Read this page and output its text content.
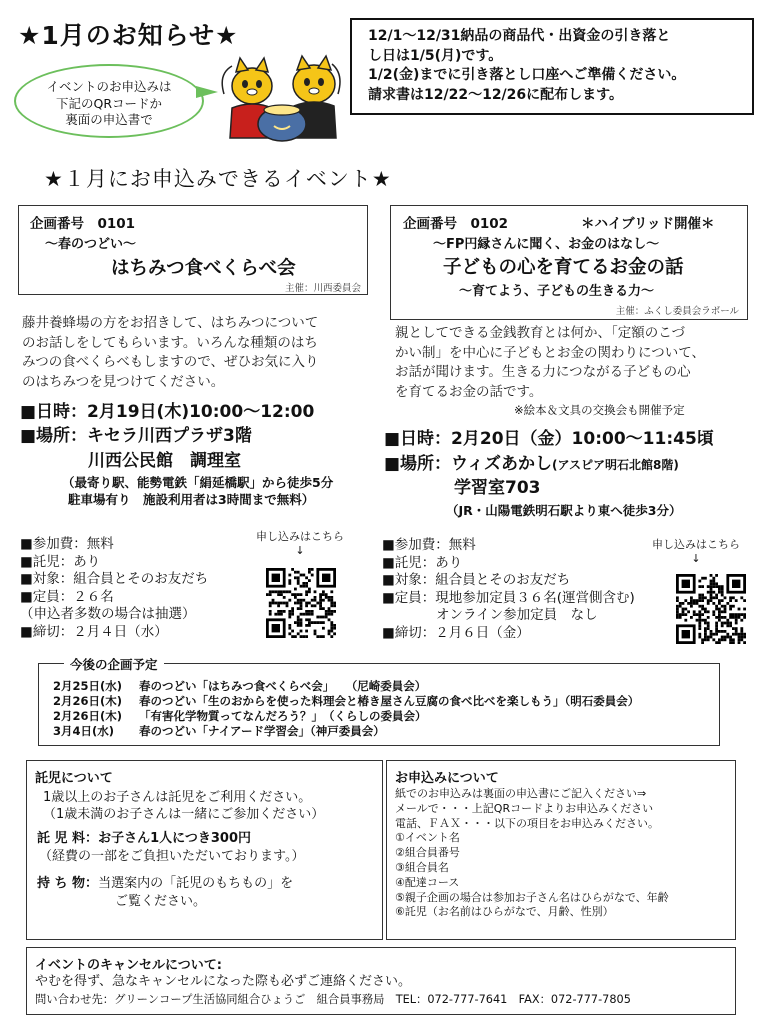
★1月のお知らせ★	12/1～12/31納品の商品代・出資金の引き落と
し日は1/5(月)です。
1/2(金)までに引き落とし口座へご準備ください。
請求書は12/22～12/26に配布します。
イベントのお申込みは
下記のQRコードか
裏面の申込書で
★１月にお申込みできるイベント★
企画番号　0101
～春のつどい～
はちみつ食べくらべ会
主催：川西委員会
藤井養蜂場の方をお招きして、はちみつについて
のお話しをしてもらいます。いろんな種類のはち
みつの食べくらべもしますので、ぜひお気に入り
のはちみつを見つけてください。
■日時：2月19日(木)10:00～12:00
■場所：キセラ川西プラザ3階
川西公民館　調理室
（最寄り駅、能勢電鉄「絹延橋駅」から徒歩5分
駐車場有り　施設利用者は3時間まで無料）
■参加費：無料
■託児：あり
■対象：組合員とそのお友だち
■定員：２６名
（申込者多数の場合は抽選）
■締切：２月４日（水）
申し込みはこちら
↓
企画番号　0102	＊ハイブリッド開催＊
～FP円縁さんに聞く、お金のはなし～
子どもの心を育てるお金の話
～育てよう、子どもの生きる力～
主催：ふくし委員会ラボール
親としてできる金銭教育とは何か、「定額のこづ
かい制」を中心に子どもとお金の関わりについて、
お話が聞けます。生きる力につながる子どもの心
を育てるお金の話です。
※絵本＆文具の交換会も開催予定
■日時：2月20日（金）10:00～11:45頃
■場所：ウィズあかし(アスピア明石北館8階)
学習室703
（JR・山陽電鉄明石駅より東へ徒歩3分）
■参加費：無料
■託児：あり
■対象：組合員とそのお友だち
■定員：現地参加定員３６名(運営側含む)
　　　　オンライン参加定員　なし
■締切：２月６日（金）
申し込みはこちら
↓
2月25日(水) 春のつどい「はちみつ食べくらべ会」　　（尼崎委員会）
2月26日(木) 春のつどい「生のおからを使った料理会と椿き屋さん豆腐の食べ比べを楽しもう」（明石委員会）
2月26日(木) 「有害化学物質ってなんだろう？」　（くらしの委員会）
3月4日(水) 春のつどい「ナイアード学習会」（神戸委員会）
今後の企画予定
託児について
1歳以上のお子さんは託児をご利用ください。
（1歳未満のお子さんは一緒にご参加ください）
託 児 料：お子さん1人につき300円
（経費の一部をご負担いただいております。）
持 ち 物：当選案内の「託児のもちもの」を
ご覧ください。
お申込みについて
紙でのお申込みは裏面の申込書にご記入ください⇒
メールで・・・上記QRコードよりお申込みください
電話、ＦＡＸ・・・以下の項目をお申込みください。
①イベント名
②組合員番号
③組合員名
④配達コース
⑤親子企画の場合は参加お子さん名はひらがなで、年齢
⑥託児（お名前はひらがなで、月齢、性別）
イベントのキャンセルについて:
やむを得ず、急なキャンセルになった際も必ずご連絡ください。
問い合わせ先：グリーンコープ生活協同組合ひょうご　組合員事務局　TEL：072-777-7641　FAX：072-777-7805
